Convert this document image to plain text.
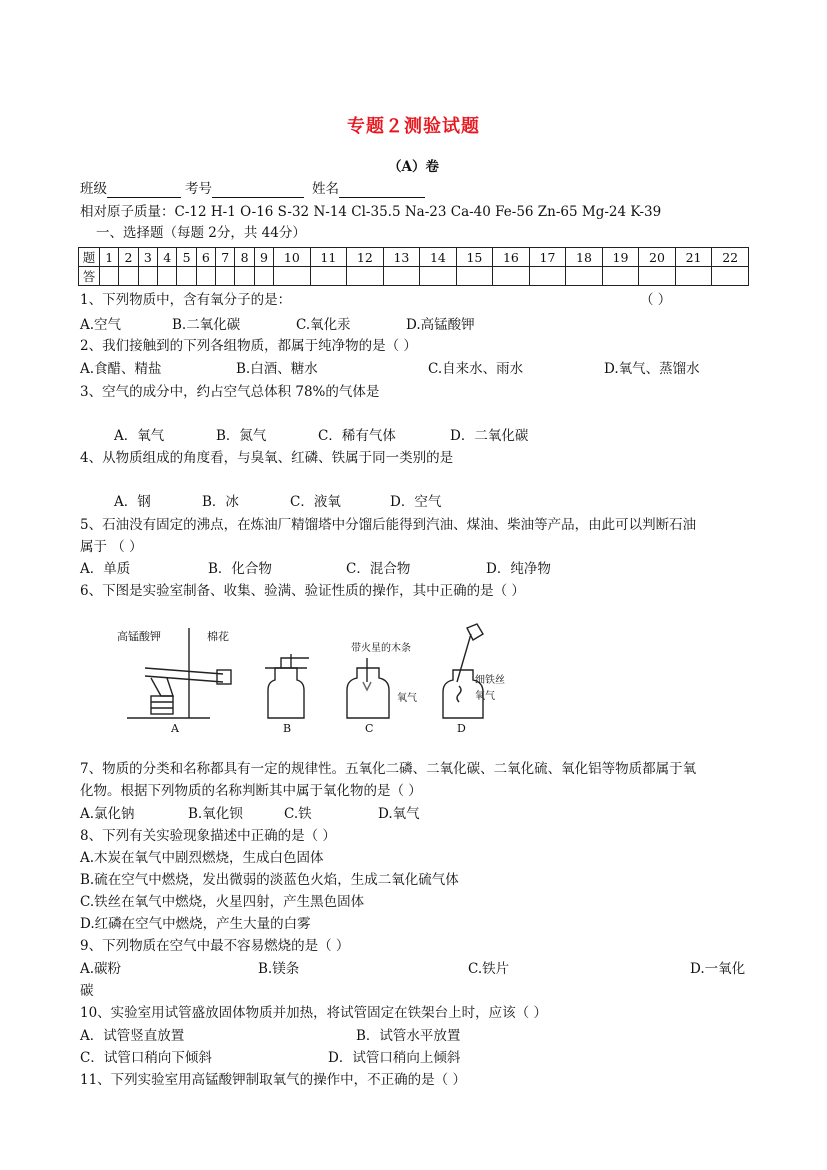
专题２测验试题
（A）卷
班级	考号	姓名
相对原子质量：C-12 H-1 O-16 S-32 N-14 Cl-35.5 Na-23 Ca-40 Fe-56 Zn-65 Mg-24 K-39
一、选择题（每题 2分，共 44分）
题	1	2	3	4	5	6	7	8	9	10	11	12	13	14	15	16	17	18	19	20	21	22
答																						
1、下列物质中，含有氧分子的是：	（ ）
A.空气	B.二氧化碳	C.氧化汞	D.高锰酸钾
2、我们接触到的下列各组物质，都属于纯净物的是（ ）
A.食醋、精盐	B.白酒、糖水	C.自来水、雨水	D.氧气、蒸馏水
3、空气的成分中，约占空气总体积 78%的气体是
A．氧气	B．氮气	C．稀有气体	D．二氧化碳
4、从物质组成的角度看，与臭氧、红磷、铁属于同一类别的是
A．钢	B．冰	C．液氧	D．空气
5、石油没有固定的沸点，在炼油厂精馏塔中分馏后能得到汽油、煤油、柴油等产品，由此可以判断石油
属于 （ ）
A．单质	B．化合物	C．混合物	D．纯净物
6、下图是实验室制备、收集、验满、验证性质的操作，其中正确的是（ ）
高锰酸钾	棉花
带火星的木条
氧气
细铁丝
氧气
A	B	C	D
7、物质的分类和名称都具有一定的规律性。五氧化二磷、二氧化碳、二氧化硫、氧化铝等物质都属于氧
化物。根据下列物质的名称判断其中属于氧化物的是（ ）
A.氯化钠	B.氧化钡	C.铁	D.氧气
8、下列有关实验现象描述中正确的是（ ）
A.木炭在氧气中剧烈燃烧，生成白色固体
B.硫在空气中燃烧，发出微弱的淡蓝色火焰，生成二氧化硫气体
C.铁丝在氧气中燃烧，火星四射，产生黑色固体
D.红磷在空气中燃烧，产生大量的白雾
9、下列物质在空气中最不容易燃烧的是（ ）
A.碳粉	B.镁条	C.铁片	D.一氧化
碳
10、实验室用试管盛放固体物质并加热，将试管固定在铁架台上时，应该（ ）
A．试管竖直放置	B．试管水平放置
C．试管口稍向下倾斜	D．试管口稍向上倾斜
11、下列实验室用高锰酸钾制取氧气的操作中，不正确的是（ ）
